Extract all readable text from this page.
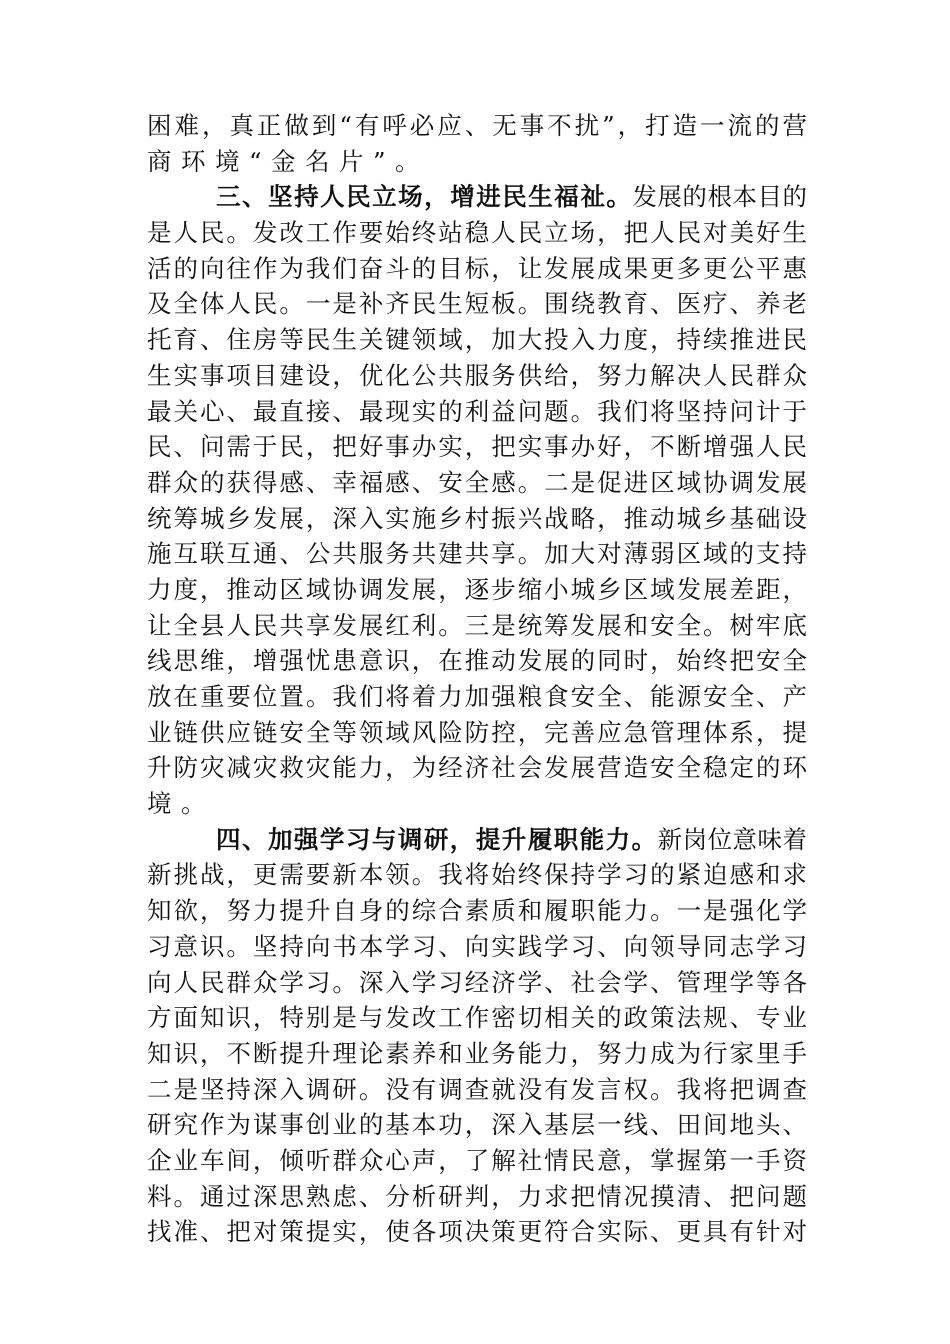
困难，真正做到“有呼必应、无事不扰”，打造一流的营
商环境“金名片”。
三、坚持人民立场，增进民生福祉。发展的根本目的
是人民。发改工作要始终站稳人民立场，把人民对美好生
活的向往作为我们奋斗的目标，让发展成果更多更公平惠
及全体人民。一是补齐民生短板。围绕教育、医疗、养老
托育、住房等民生关键领域，加大投入力度，持续推进民
生实事项目建设，优化公共服务供给，努力解决人民群众
最关心、最直接、最现实的利益问题。我们将坚持问计于
民、问需于民，把好事办实，把实事办好，不断增强人民
群众的获得感、幸福感、安全感。二是促进区域协调发展
统筹城乡发展，深入实施乡村振兴战略，推动城乡基础设
施互联互通、公共服务共建共享。加大对薄弱区域的支持
力度，推动区域协调发展，逐步缩小城乡区域发展差距，
让全县人民共享发展红利。三是统筹发展和安全。树牢底
线思维，增强忧患意识，在推动发展的同时，始终把安全
放在重要位置。我们将着力加强粮食安全、能源安全、产
业链供应链安全等领域风险防控，完善应急管理体系，提
升防灾减灾救灾能力，为经济社会发展营造安全稳定的环
境。
四、加强学习与调研，提升履职能力。新岗位意味着
新挑战，更需要新本领。我将始终保持学习的紧迫感和求
知欲，努力提升自身的综合素质和履职能力。一是强化学
习意识。坚持向书本学习、向实践学习、向领导同志学习
向人民群众学习。深入学习经济学、社会学、管理学等各
方面知识，特别是与发改工作密切相关的政策法规、专业
知识，不断提升理论素养和业务能力，努力成为行家里手
二是坚持深入调研。没有调查就没有发言权。我将把调查
研究作为谋事创业的基本功，深入基层一线、田间地头、
企业车间，倾听群众心声，了解社情民意，掌握第一手资
料。通过深思熟虑、分析研判，力求把情况摸清、把问题
找准、把对策提实，使各项决策更符合实际、更具有针对
